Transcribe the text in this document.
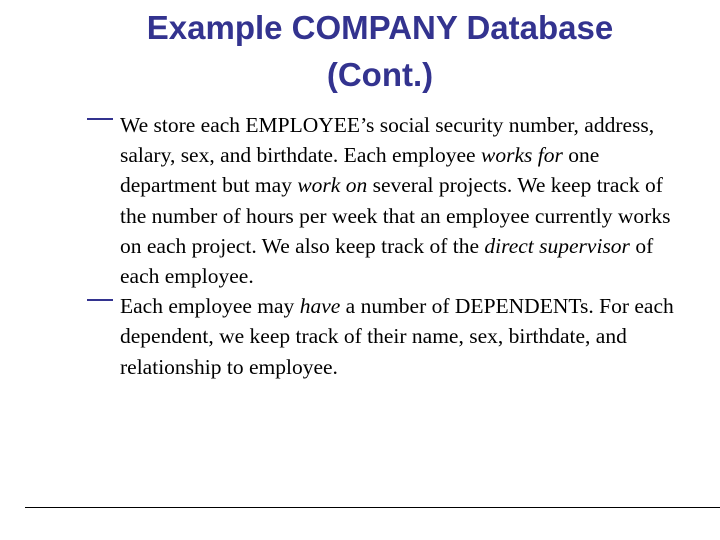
Example COMPANY Database
(Cont.)
We store each EMPLOYEE’s social security number, address, salary, sex, and birthdate. Each employee works for one department but may work on several projects. We keep track of the number of hours per week that an employee currently works on each project. We also keep track of the direct supervisor of each employee.
Each employee may have a number of DEPENDENTs. For each dependent, we keep track of their name, sex, birthdate, and relationship to employee.
